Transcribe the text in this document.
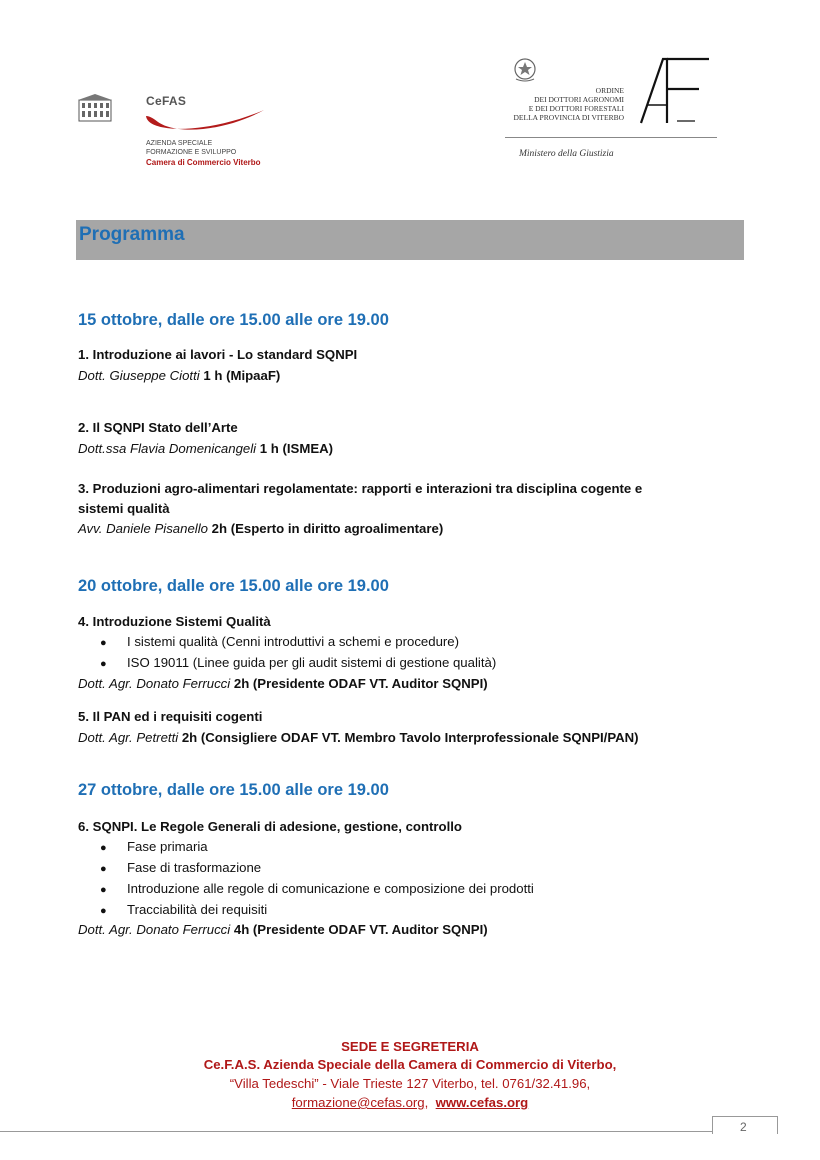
CeFAS
AZIENDA SPECIALE
FORMAZIONE E SVILUPPO
Camera di Commercio Viterbo
ORDINE
DEI DOTTORI AGRONOMI
E DEI DOTTORI FORESTALI
DELLA PROVINCIA DI VITERBO
Ministero della Giustizia
Programma
15 ottobre, dalle ore 15.00 alle ore 19.00
1. Introduzione ai lavori - Lo standard SQNPI
Dott. Giuseppe Ciotti 1 h (MipaaF)
2. Il SQNPI Stato dell’Arte
Dott.ssa Flavia Domenicangeli 1 h (ISMEA)
3. Produzioni agro-alimentari regolamentate: rapporti e interazioni tra disciplina cogente e
sistemi qualità
Avv. Daniele Pisanello 2h (Esperto in diritto agroalimentare)
20 ottobre, dalle ore 15.00 alle ore 19.00
4. Introduzione Sistemi Qualità
● I sistemi qualità (Cenni introduttivi a schemi e procedure)
● ISO 19011 (Linee guida per gli audit sistemi di gestione qualità)
Dott. Agr. Donato Ferrucci 2h (Presidente ODAF VT. Auditor SQNPI)
5. Il PAN ed i requisiti cogenti
Dott. Agr. Petretti 2h (Consigliere ODAF VT. Membro Tavolo Interprofessionale SQNPI/PAN)
27 ottobre, dalle ore 15.00 alle ore 19.00
6. SQNPI. Le Regole Generali di adesione, gestione, controllo
● Fase primaria
● Fase di trasformazione
● Introduzione alle regole di comunicazione e composizione dei prodotti
● Tracciabilità dei requisiti
Dott. Agr. Donato Ferrucci 4h (Presidente ODAF VT. Auditor SQNPI)
SEDE E SEGRETERIA
Ce.F.A.S. Azienda Speciale della Camera di Commercio di Viterbo,
“Villa Tedeschi” - Viale Trieste 127 Viterbo, tel. 0761/32.41.96,
formazione@cefas.org,  www.cefas.org
2
